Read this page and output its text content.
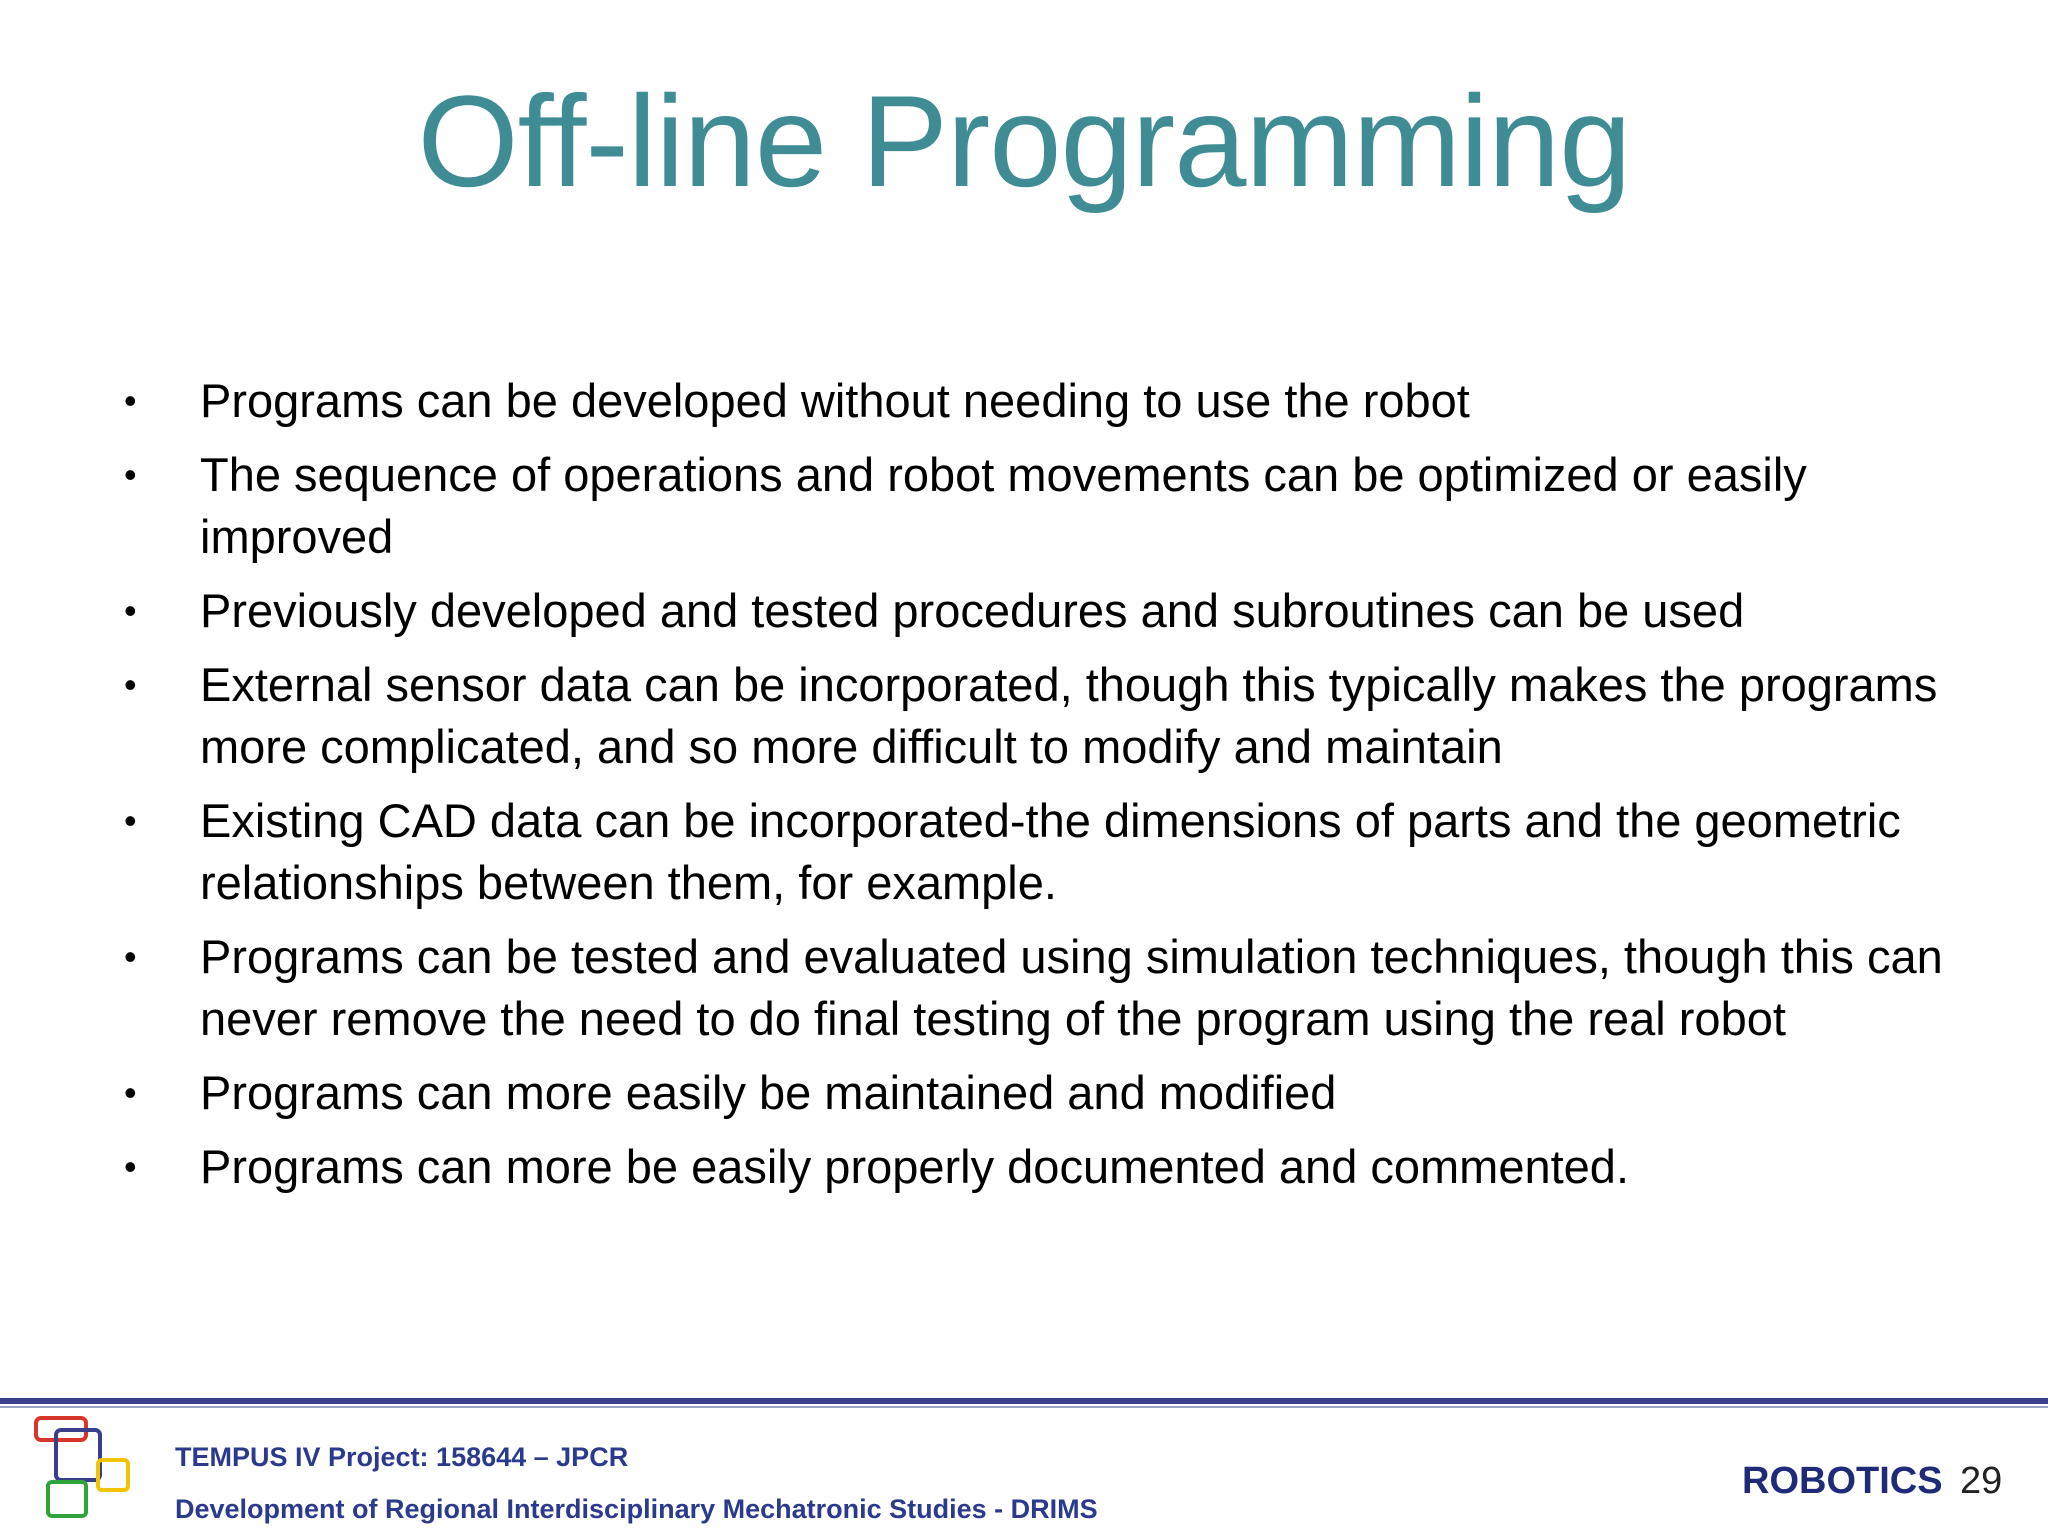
Off-line Programming
•	Programs can be developed without needing to use the robot
•	The sequence of operations and robot movements can be optimized or easily improved
•	Previously developed and tested procedures and subroutines can be used
•	External sensor data can be incorporated, though this typically makes the programs more complicated, and so more difficult to modify and maintain
•	Existing CAD data can be incorporated-the dimensions of parts and the geometric relationships between them, for example.
•	Programs can be tested and evaluated using simulation techniques, though this can never remove the need to do final testing of the program using the real robot
•	Programs can more easily be maintained and modified
•	Programs can more be easily properly documented and commented.
TEMPUS IV Project: 158644 – JPCR
Development of Regional Interdisciplinary Mechatronic Studies - DRIMS
ROBOTICS 29
